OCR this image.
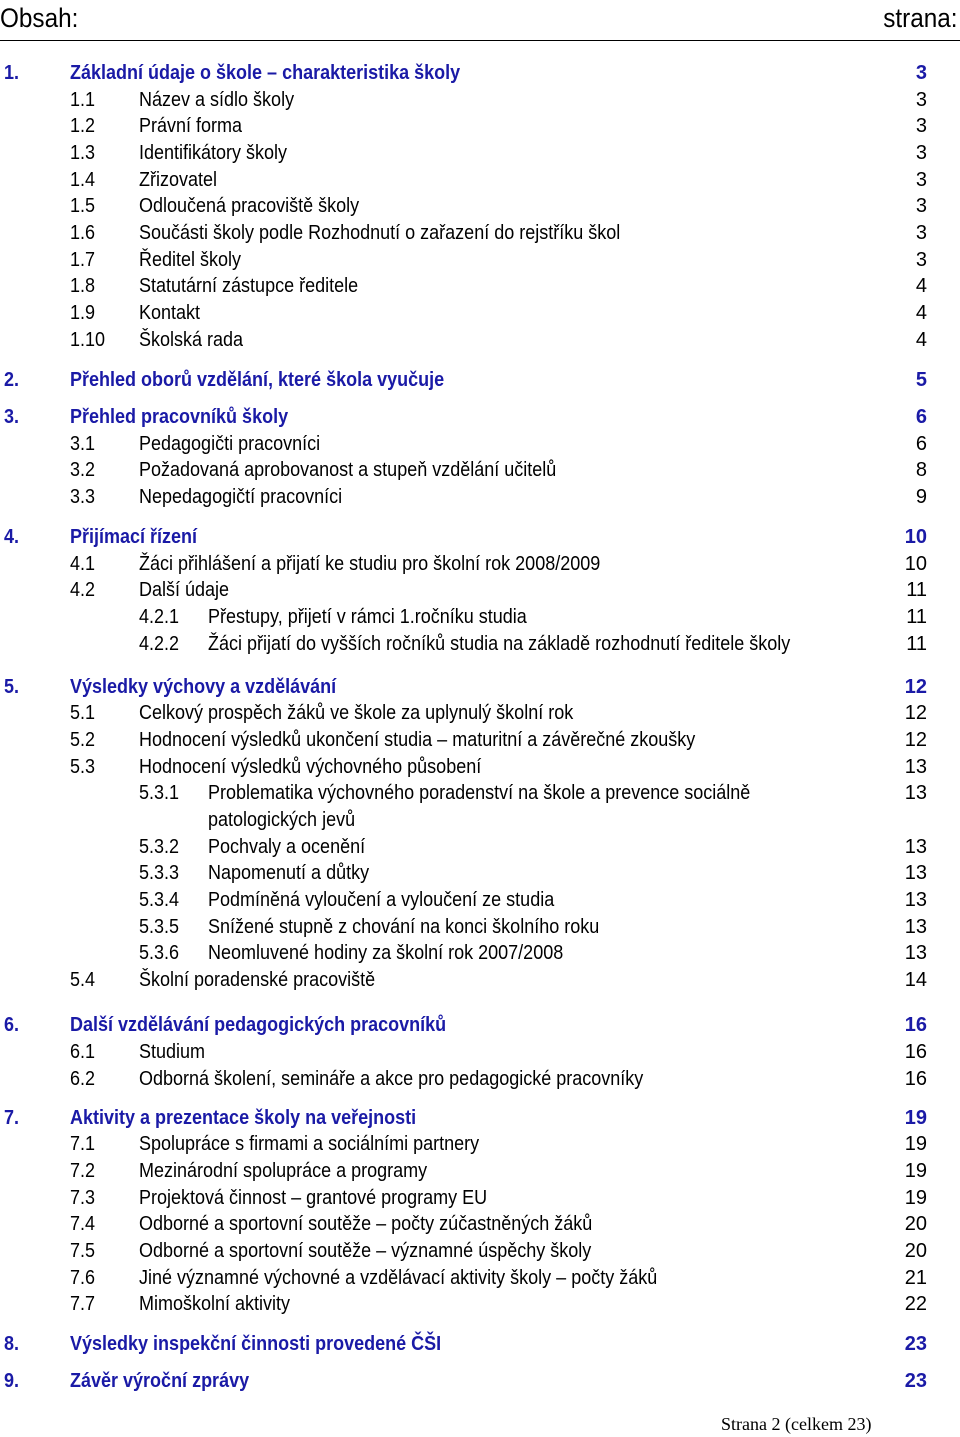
Obsah:	strana:
1.	Základní údaje o škole – charakteristika školy	3
1.1 Název a sídlo školy	3
1.2 Právní forma	3
1.3 Identifikátory školy	3
1.4 Zřizovatel	3
1.5 Odloučená pracoviště školy	3
1.6 Součásti školy podle Rozhodnutí o zařazení do rejstříku škol	3
1.7 Ředitel školy	3
1.8 Statutární zástupce ředitele	4
1.9 Kontakt	4
1.10 Školská rada	4
2.	Přehled oborů vzdělání, které škola vyučuje	5
3.	Přehled pracovníků školy	6
3.1 Pedagogičti pracovníci	6
3.2 Požadovaná aprobovanost a stupeň vzdělání učitelů	8
3.3 Nepedagogičtí pracovníci	9
4.	Přijímací řízení	10
4.1 Žáci přihlášení a přijatí ke studiu pro školní rok 2008/2009	10
4.2 Další údaje	11
4.2.1 Přestupy, přijetí v rámci 1.ročníku studia	11
4.2.2 Žáci přijatí do vyšších ročníků studia na základě rozhodnutí ředitele školy	11
5.	Výsledky výchovy a vzdělávání	12
5.1 Celkový prospěch žáků ve škole za uplynulý školní rok	12
5.2 Hodnocení výsledků ukončení studia – maturitní a závěrečné zkoušky	12
5.3 Hodnocení výsledků výchovného působení	13
5.3.1 Problematika výchovného poradenství na škole a prevence sociálně	13
patologických jevů
5.3.2 Pochvaly a ocenění	13
5.3.3 Napomenutí a důtky	13
5.3.4 Podmíněná vyloučení a vyloučení ze studia	13
5.3.5 Snížené stupně z chování na konci školního roku	13
5.3.6 Neomluvené hodiny za školní rok 2007/2008	13
5.4 Školní poradenské pracoviště	14
6.	Další vzdělávání pedagogických pracovníků	16
6.1 Studium	16
6.2 Odborná školení, semináře a akce pro pedagogické pracovníky	16
7.	Aktivity a prezentace školy na veřejnosti	19
7.1 Spolupráce s firmami a sociálními partnery	19
7.2 Mezinárodní spolupráce a programy	19
7.3 Projektová činnost – grantové programy EU	19
7.4 Odborné a sportovní soutěže – počty zúčastněných žáků	20
7.5 Odborné a sportovní soutěže – významné úspěchy školy	20
7.6 Jiné významné výchovné a vzdělávací aktivity školy – počty žáků	21
7.7 Mimoškolní aktivity	22
8.	Výsledky inspekční činnosti provedené ČŠI	23
9.	Závěr výroční zprávy	23
Strana 2 (celkem 23)
